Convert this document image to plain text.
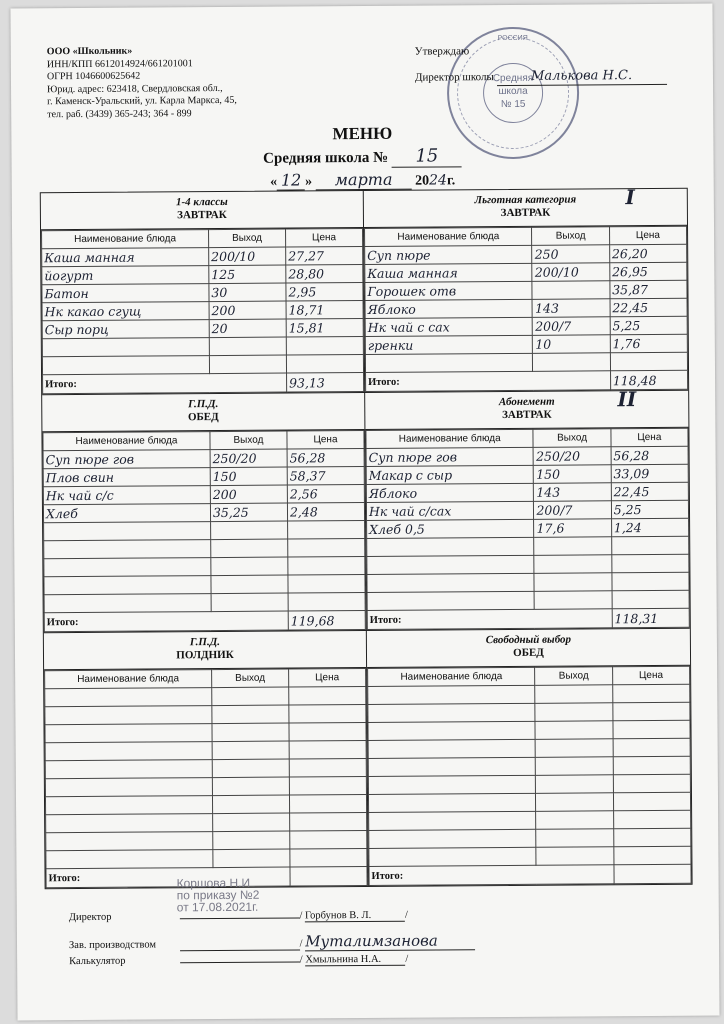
ООО «Школьник»
ИНН/КПП 6612014924/661201001
ОГРН 1046600625642
Юрид. адрес: 623418, Свердловская обл.,
г. Каменск-Уральский, ул. Карла Маркса, 45,
тел. раб. (3439) 365-243; 364 - 899
РОССИЯ
Средняя
школа
№ 15
Утверждаю
Директор школы	Малькова Н.С.
МЕНЮ
Средняя школа № 15
« 12 » марта 2024г.
1-4 классы
ЗАВТРАК
Наименование блюда	Выход	Цена
Каша манная	200/10	27,27
йогурт	125	28,80
Батон	30	2,95
Нк какао сгущ	200	18,71
Сыр порц	20	15,81

Итого:		93,13
Льготная категория
ЗАВТРАК
I
Наименование блюда	Выход	Цена
Суп пюре	250	26,20
Каша манная	200/10	26,95
Горошек отв		35,87
Яблоко	143	22,45
Нк чай с сах	200/7	5,25
гренки	10	1,76

Итого:		118,48
Г.П.Д.
ОБЕД
Наименование блюда	Выход	Цена
Суп пюре гов	250/20	56,28
Плов свин	150	58,37
Нк чай с/с	200	2,56
Хлеб	35,25	2,48

Итого:		119,68
Абонемент
ЗАВТРАК
II
Наименование блюда	Выход	Цена
Суп пюре гов	250/20	56,28
Макар с сыр	150	33,09
Яблоко	143	22,45
Нк чай с/сах	200/7	5,25
Хлеб 0,5	17,6	1,24

Итого:		118,31
Г.П.Д.
ПОЛДНИК
Наименование блюда	Выход	Цена

Итого:		
Свободный выбор
ОБЕД
Наименование блюда	Выход	Цена

Итого:		
Коршова Н.И
по приказу №2
от 17.08.2021г.
Директор	/ Горбунов В. Л.	/
Зав. производством	/ Муталимзанова
Калькулятор	/ Хмыльнина Н.А. /
